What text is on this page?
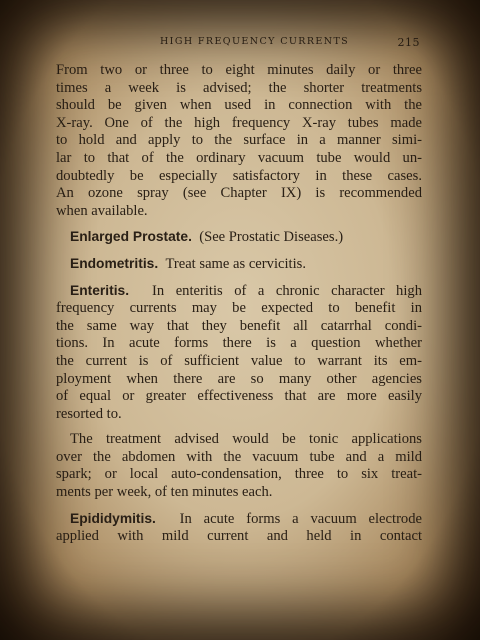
HIGH FREQUENCY CURRENTS	215

From two or three to eight minutes daily or three
times a week is advised; the shorter treatments
should be given when used in connection with the
X-ray. One of the high frequency X-ray tubes made
to hold and apply to the surface in a manner simi-
lar to that of the ordinary vacuum tube would un-
doubtedly be especially satisfactory in these cases.
An ozone spray (see Chapter IX) is recommended
when available.

Enlarged Prostate. (See Prostatic Diseases.)

Endometritis. Treat same as cervicitis.

Enteritis. In enteritis of a chronic character high
frequency currents may be expected to benefit in
the same way that they benefit all catarrhal condi-
tions. In acute forms there is a question whether
the current is of sufficient value to warrant its em-
ployment when there are so many other agencies
of equal or greater effectiveness that are more easily
resorted to.

The treatment advised would be tonic applications
over the abdomen with the vacuum tube and a mild
spark; or local auto-condensation, three to six treat-
ments per week, of ten minutes each.

Epididymitis. In acute forms a vacuum electrode
applied with mild current and held in contact
